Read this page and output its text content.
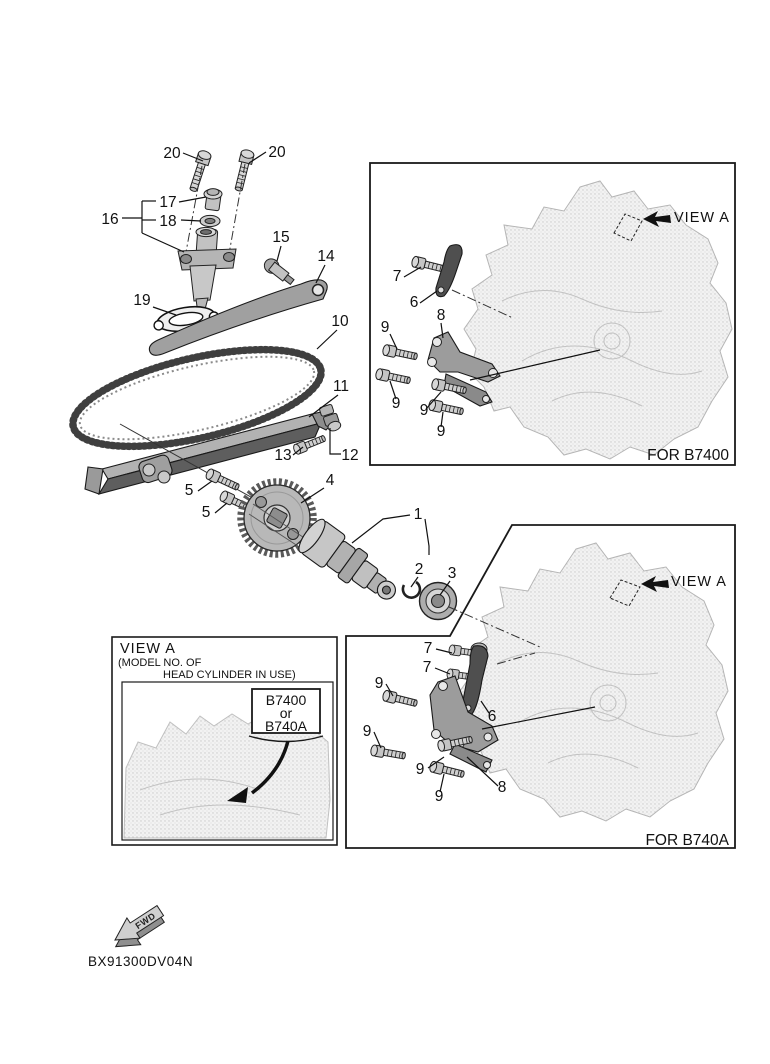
20	20
17
16	18
15
14
19
10
11
13	12
5
5
4
1
2 3
VIEW A
FOR B7400
7
6
8
9
9 9
9
VIEW A
FOR B740A
7
7
6
9
9
9
9
8
VIEW A
(MODEL NO. OF
HEAD CYLINDER IN USE)
B7400
or
B740A
FWD
BX91300DV04N
